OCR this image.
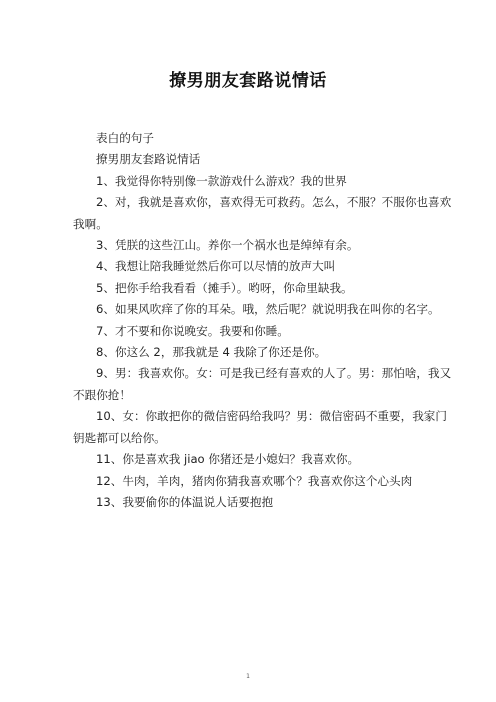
撩男朋友套路说情话

表白的句子

撩男朋友套路说情话

1、我觉得你特别像一款游戏什么游戏？我的世界

2、对，我就是喜欢你，喜欢得无可救药。怎么，不服？不服你也喜欢我啊。

3、凭朕的这些江山。养你一个祸水也是绰绰有余。

4、我想让陪我睡觉然后你可以尽情的放声大叫

5、把你手给我看看（摊手）。哟呀，你命里缺我。

6、如果风吹痒了你的耳朵。哦，然后呢？就说明我在叫你的名字。

7、才不要和你说晚安。我要和你睡。

8、你这么 2，那我就是 4 我除了你还是你。

9、男：我喜欢你。女：可是我已经有喜欢的人了。男：那怕啥，我又不跟你抢！

10、女：你敢把你的微信密码给我吗？男：微信密码不重要，我家门钥匙都可以给你。

11、你是喜欢我 jiao 你猪还是小媳妇？我喜欢你。

12、牛肉，羊肉，猪肉你猜我喜欢哪个？我喜欢你这个心头肉

13、我要偷你的体温说人话要抱抱

1
